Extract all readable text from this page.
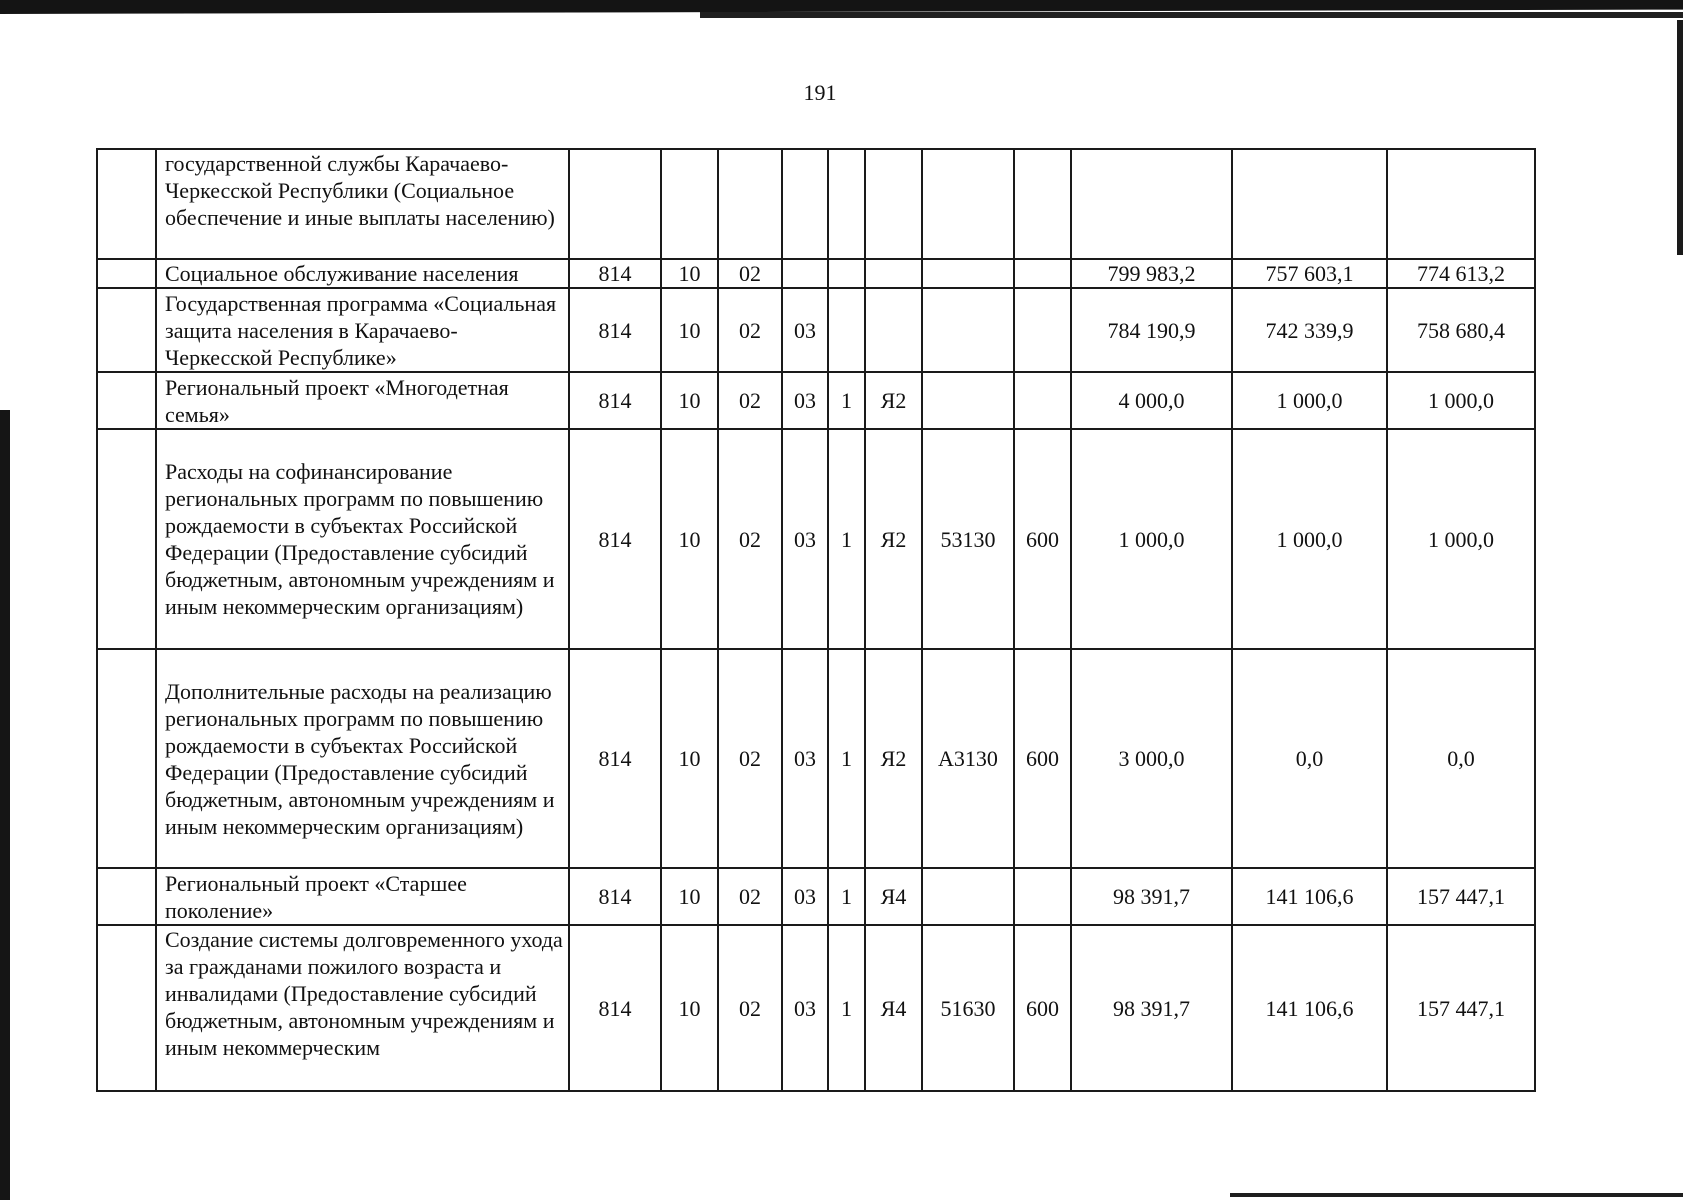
191
	государственной службы Карачаево-Черкесской Республики (Социальное обеспечение и иные выплаты населению)											
	Социальное обслуживание населения	814	10	02						799 983,2	757 603,1	774 613,2
	Государственная программа «Социальная защита населения в Карачаево-Черкесской Республике»	814	10	02	03					784 190,9	742 339,9	758 680,4
	Региональный проект «Многодетная семья»	814	10	02	03	1	Я2			4 000,0	1 000,0	1 000,0
	Расходы на софинансирование региональных программ по повышению рождаемости в субъектах Российской Федерации (Предоставление субсидий бюджетным, автономным учреждениям и иным некоммерческим организациям)	814	10	02	03	1	Я2	53130	600	1 000,0	1 000,0	1 000,0
	Дополнительные расходы на реализацию региональных программ по повышению рождаемости в субъектах Российской Федерации (Предоставление субсидий бюджетным, автономным учреждениям и иным некоммерческим организациям)	814	10	02	03	1	Я2	А3130	600	3 000,0	0,0	0,0
	Региональный проект «Старшее поколение»	814	10	02	03	1	Я4			98 391,7	141 106,6	157 447,1
	Создание системы долговременного ухода за гражданами пожилого возраста и инвалидами (Предоставление субсидий бюджетным, автономным учреждениям и иным некоммерческим	814	10	02	03	1	Я4	51630	600	98 391,7	141 106,6	157 447,1
